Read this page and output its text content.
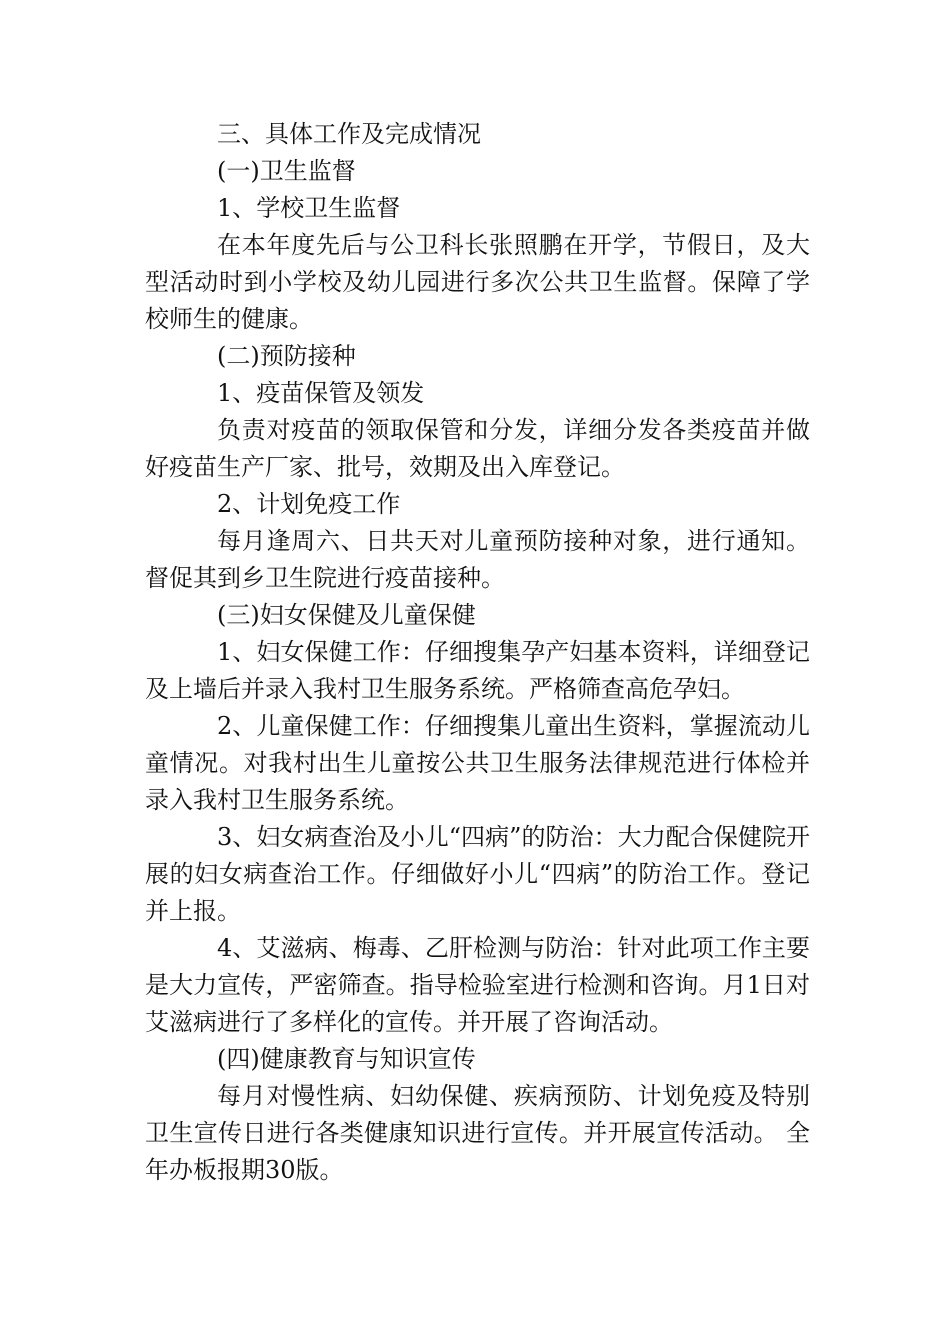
三、具体工作及完成情况

(一)卫生监督

1、学校卫生监督

在本年度先后与公卫科长张照鹏在开学，节假日，及大型活动时到小学校及幼儿园进行多次公共卫生监督。保障了学校师生的健康。

(二)预防接种

1、疫苗保管及领发

负责对疫苗的领取保管和分发，详细分发各类疫苗并做好疫苗生产厂家、批号，效期及出入库登记。

2、计划免疫工作

每月逢周六、日共天对儿童预防接种对象，进行通知。督促其到乡卫生院进行疫苗接种。

(三)妇女保健及儿童保健

1、妇女保健工作：仔细搜集孕产妇基本资料，详细登记及上墙后并录入我村卫生服务系统。严格筛查高危孕妇。

2、儿童保健工作：仔细搜集儿童出生资料，掌握流动儿童情况。对我村出生儿童按公共卫生服务法律规范进行体检并录入我村卫生服务系统。

3、妇女病查治及小儿“四病”的防治：大力配合保健院开展的妇女病查治工作。仔细做好小儿“四病”的防治工作。登记并上报。

4、艾滋病、梅毒、乙肝检测与防治：针对此项工作主要是大力宣传，严密筛查。指导检验室进行检测和咨询。月1日对艾滋病进行了多样化的宣传。并开展了咨询活动。

(四)健康教育与知识宣传

每月对慢性病、妇幼保健、疾病预防、计划免疫及特别卫生宣传日进行各类健康知识进行宣传。并开展宣传活动。 全年办板报期30版。
